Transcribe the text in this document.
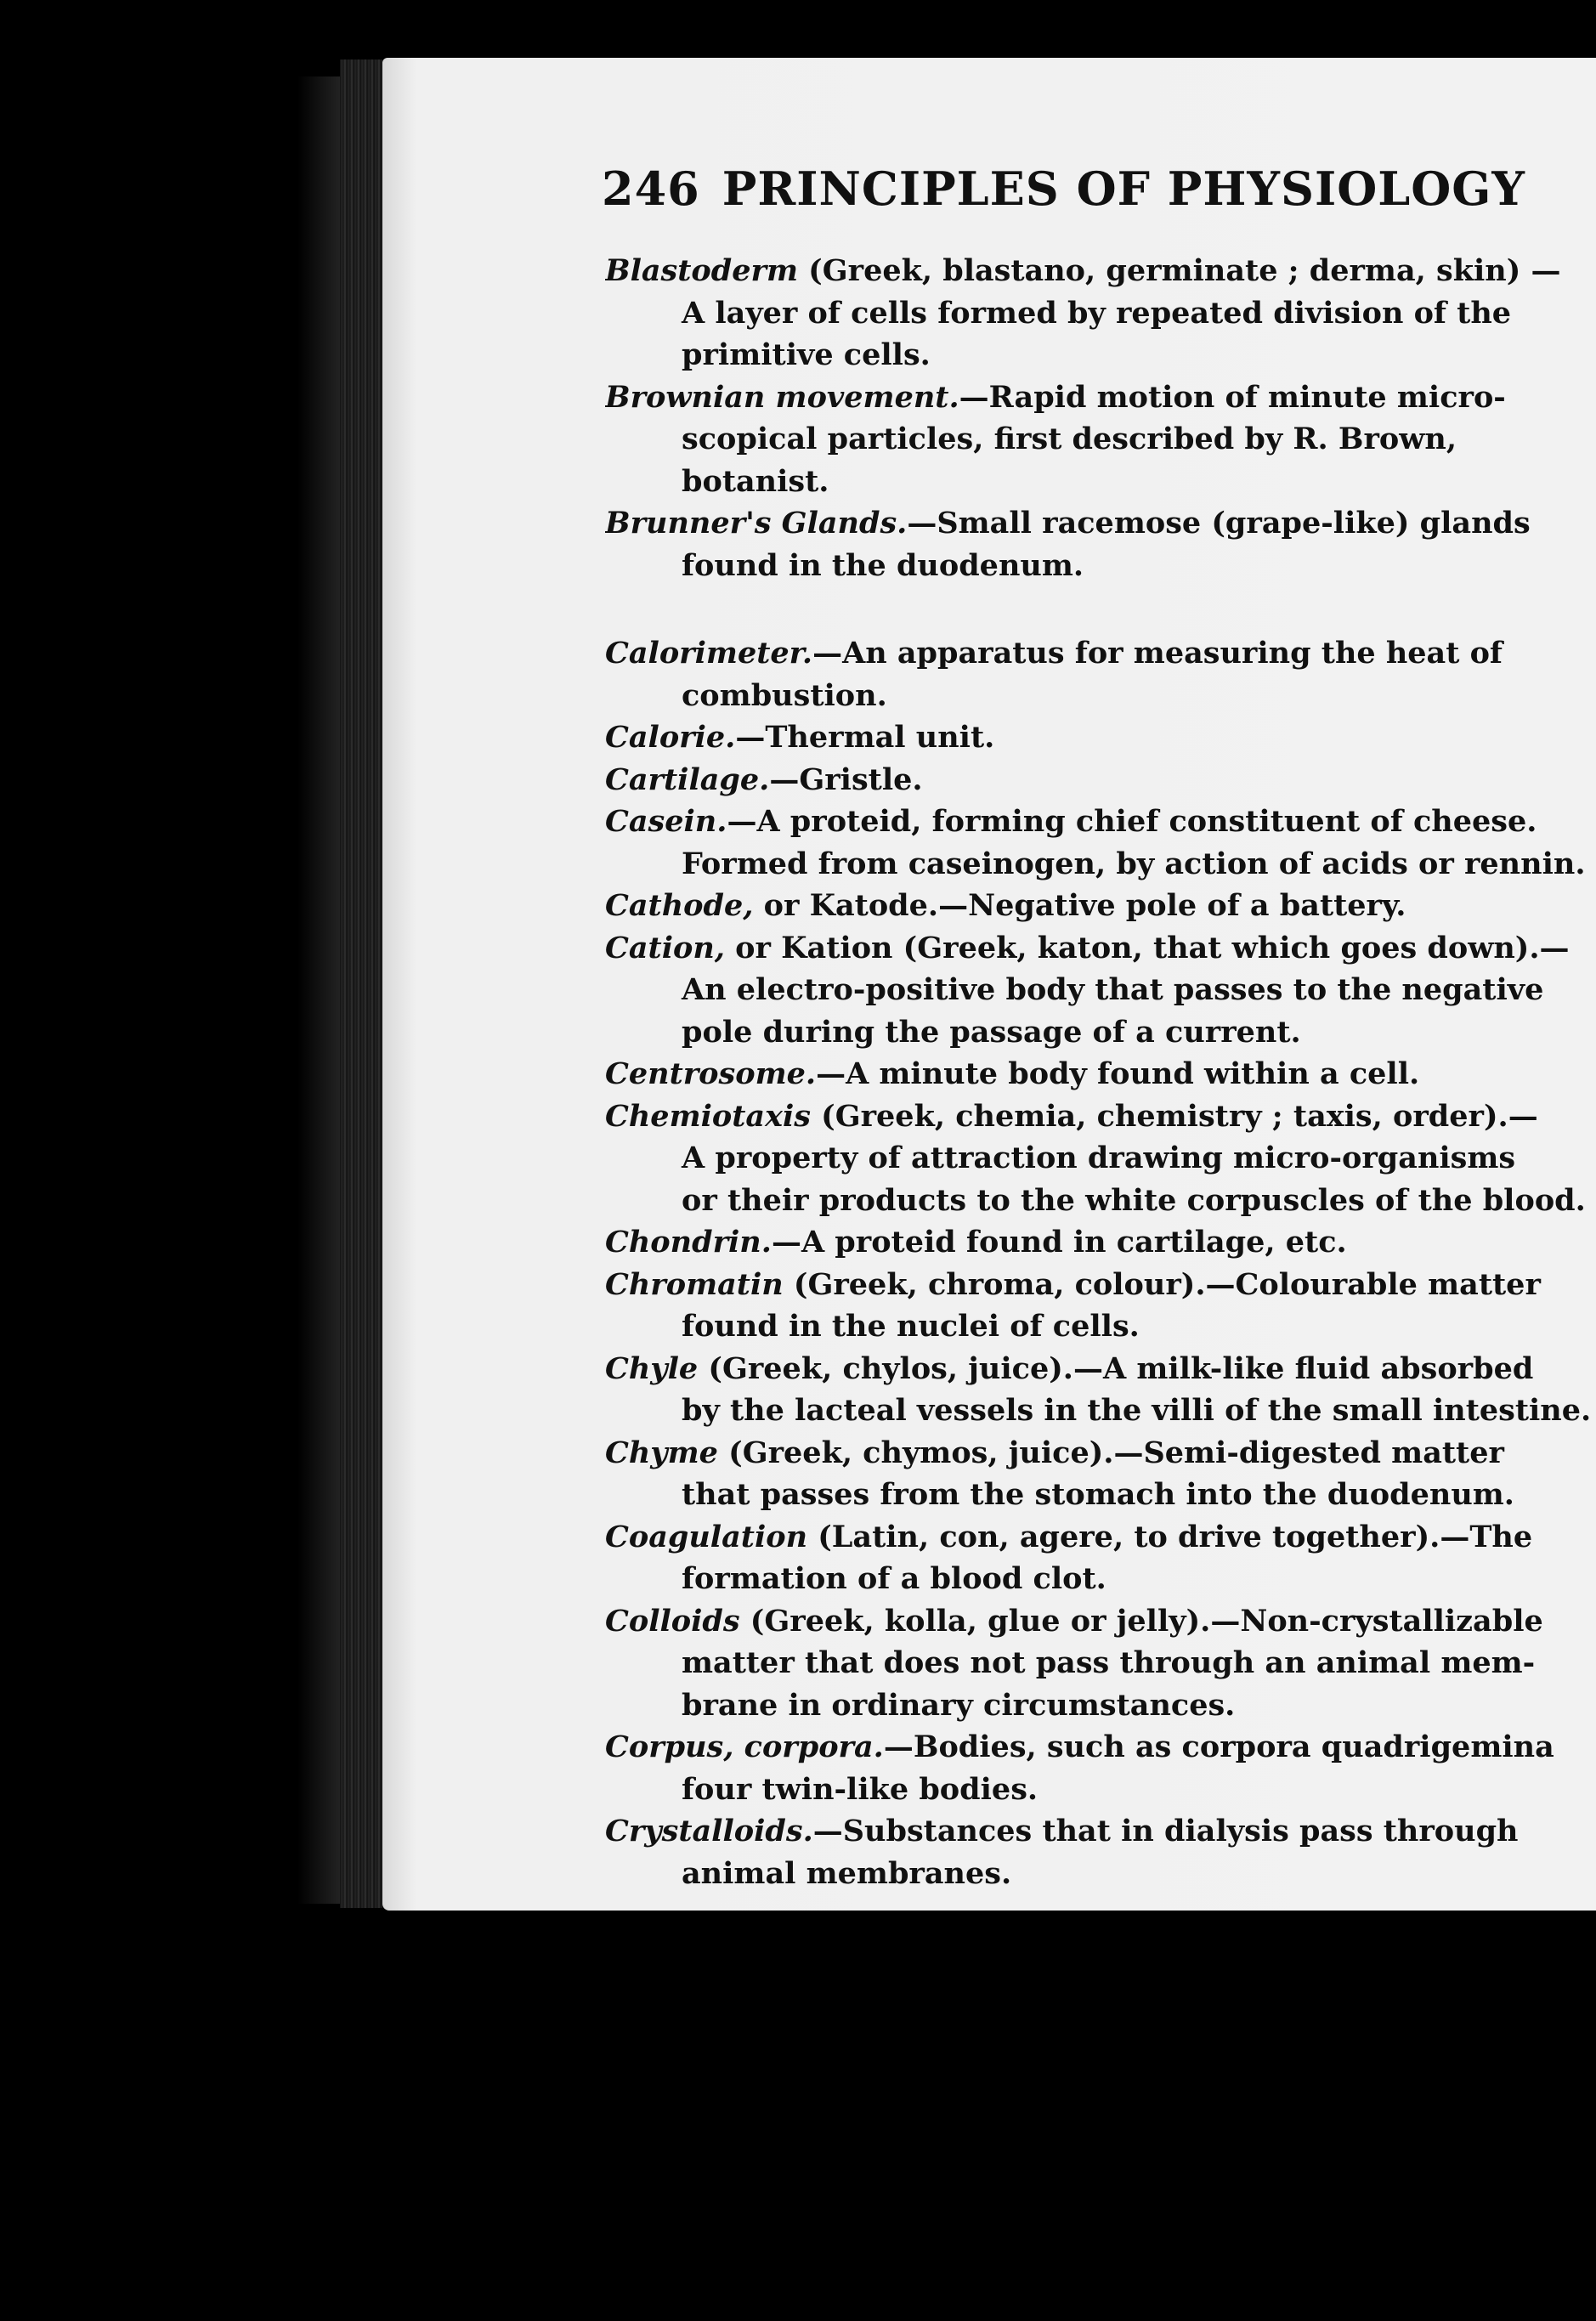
246 PRINCIPLES OF PHYSIOLOGY
Blastoderm (Greek, blastano, germinate ; derma, skin) —
A layer of cells formed by repeated division of the
primitive cells.
Brownian movement.—Rapid motion of minute micro-
scopical particles, first described by R. Brown,
botanist.
Brunner's Glands.—Small racemose (grape-like) glands
found in the duodenum.
Calorimeter.—An apparatus for measuring the heat of
combustion.
Calorie.—Thermal unit.
Cartilage.—Gristle.
Casein.—A proteid, forming chief constituent of cheese.
Formed from caseinogen, by action of acids or rennin.
Cathode, or Katode.—Negative pole of a battery.
Cation, or Kation (Greek, katon, that which goes down).—
An electro-positive body that passes to the negative
pole during the passage of a current.
Centrosome.—A minute body found within a cell.
Chemiotaxis (Greek, chemia, chemistry ; taxis, order).—
A property of attraction drawing micro-organisms
or their products to the white corpuscles of the blood.
Chondrin.—A proteid found in cartilage, etc.
Chromatin (Greek, chroma, colour).—Colourable matter
found in the nuclei of cells.
Chyle (Greek, chylos, juice).—A milk-like fluid absorbed
by the lacteal vessels in the villi of the small intestine.
Chyme (Greek, chymos, juice).—Semi-digested matter
that passes from the stomach into the duodenum.
Coagulation (Latin, con, agere, to drive together).—The
formation of a blood clot.
Colloids (Greek, kolla, glue or jelly).—Non-crystallizable
matter that does not pass through an animal mem-
brane in ordinary circumstances.
Corpus, corpora.—Bodies, such as corpora quadrigemina
four twin-like bodies.
Crystalloids.—Substances that in dialysis pass through
animal membranes.
